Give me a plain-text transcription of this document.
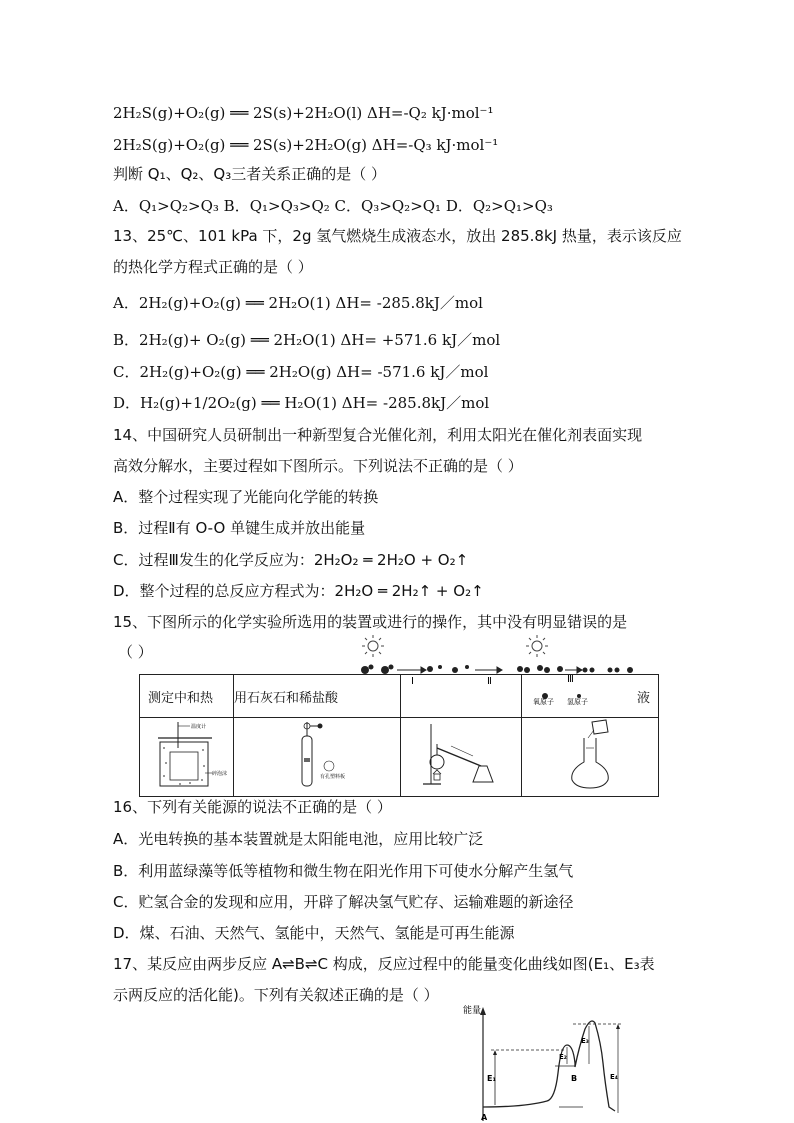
2H₂S(g)+O₂(g) ══ 2S(s)+2H₂O(l) ΔH=-Q₂ kJ·mol⁻¹
2H₂S(g)+O₂(g) ══ 2S(s)+2H₂O(g) ΔH=-Q₃ kJ·mol⁻¹
判断 Q₁、Q₂、Q₃三者关系正确的是（ ）
A．Q₁>Q₂>Q₃ B．Q₁>Q₃>Q₂ C．Q₃>Q₂>Q₁ D．Q₂>Q₁>Q₃
13、25℃、101 kPa 下，2g 氢气燃烧生成液态水，放出 285.8kJ 热量，表示该反应
的热化学方程式正确的是（ ）
A．2H₂(g)+O₂(g) ══ 2H₂O(1) ΔH= -285.8kJ／mol
B．2H₂(g)+ O₂(g) ══ 2H₂O(1) ΔH= +571.6 kJ／mol
C．2H₂(g)+O₂(g) ══ 2H₂O(g) ΔH= -571.6 kJ／mol
D．H₂(g)+1/2O₂(g) ══ H₂O(1) ΔH= -285.8kJ／mol
14、中国研究人员研制出一种新型复合光催化剂，利用太阳光在催化剂表面实现
高效分解水，主要过程如下图所示。下列说法不正确的是（ ）
A．整个过程实现了光能向化学能的转换
B．过程Ⅱ有 O-O 单键生成并放出能量
C．过程Ⅲ发生的化学反应为：2H₂O₂ ═ 2H₂O + O₂↑
D．整个过程的总反应方程式为：2H₂O ═ 2H₂↑ + O₂↑
15、下图所示的化学实验所选用的装置或进行的操作，其中没有明显错误的是
（ ）
Ⅰ	Ⅱ	Ⅲ
氧原子 氢原子
测定中和热	用石灰石和稀盐酸		液

温度计
碎泡沫	有孔塑料板

16、下列有关能源的说法不正确的是（ ）
A．光电转换的基本装置就是太阳能电池，应用比较广泛
B．利用蓝绿藻等低等植物和微生物在阳光作用下可使水分解产生氢气
C．贮氢合金的发现和应用，开辟了解决氢气贮存、运输难题的新途径
D．煤、石油、天然气、氢能中，天然气、氢能是可再生能源
17、某反应由两步反应 A⇌B⇌C 构成，反应过程中的能量变化曲线如图(E₁、E₃表
示两反应的活化能)。下列有关叙述正确的是（ ）
能量
E₁
E₂
E₃
E₄
A
B
